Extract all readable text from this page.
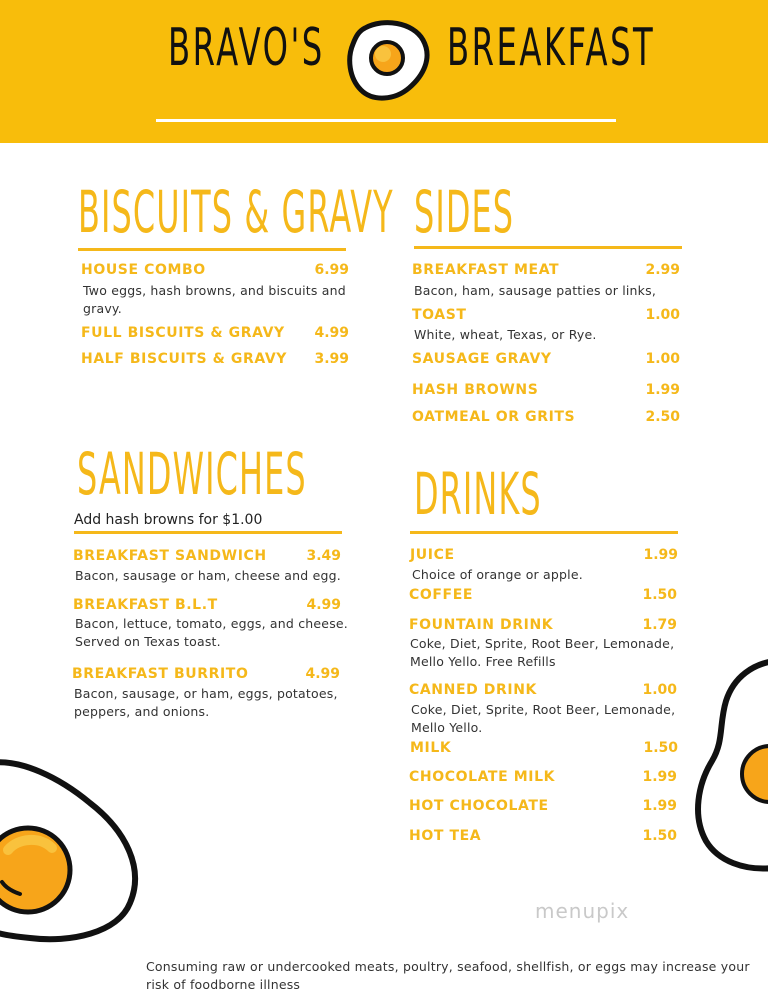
BRAVO'S BREAKFAST
BISCUITS & GRAVY
HOUSE COMBO	6.99
Two eggs, hash browns, and biscuits and gravy.
FULL BISCUITS & GRAVY	4.99
HALF BISCUITS & GRAVY	3.99
SIDES
BREAKFAST MEAT	2.99
Bacon, ham, sausage patties or links,
TOAST	1.00
White, wheat, Texas, or Rye.
SAUSAGE GRAVY	1.00
HASH BROWNS	1.99
OATMEAL OR GRITS	2.50
SANDWICHES
Add hash browns for $1.00
BREAKFAST SANDWICH	3.49
Bacon, sausage or ham, cheese and egg.
BREAKFAST B.L.T	4.99
Bacon, lettuce, tomato, eggs, and cheese. Served on Texas toast.
BREAKFAST BURRITO	4.99
Bacon, sausage, or ham, eggs, potatoes, peppers, and onions.
DRINKS
JUICE	1.99
Choice of orange or apple.
COFFEE	1.50
FOUNTAIN DRINK	1.79
Coke, Diet, Sprite, Root Beer, Lemonade, Mello Yello. Free Refills
CANNED DRINK	1.00
Coke, Diet, Sprite, Root Beer, Lemonade, Mello Yello.
MILK	1.50
CHOCOLATE MILK	1.99
HOT CHOCOLATE	1.99
HOT TEA	1.50
menupix
Consuming raw or undercooked meats, poultry, seafood, shellfish, or eggs may increase your risk of foodborne illness
